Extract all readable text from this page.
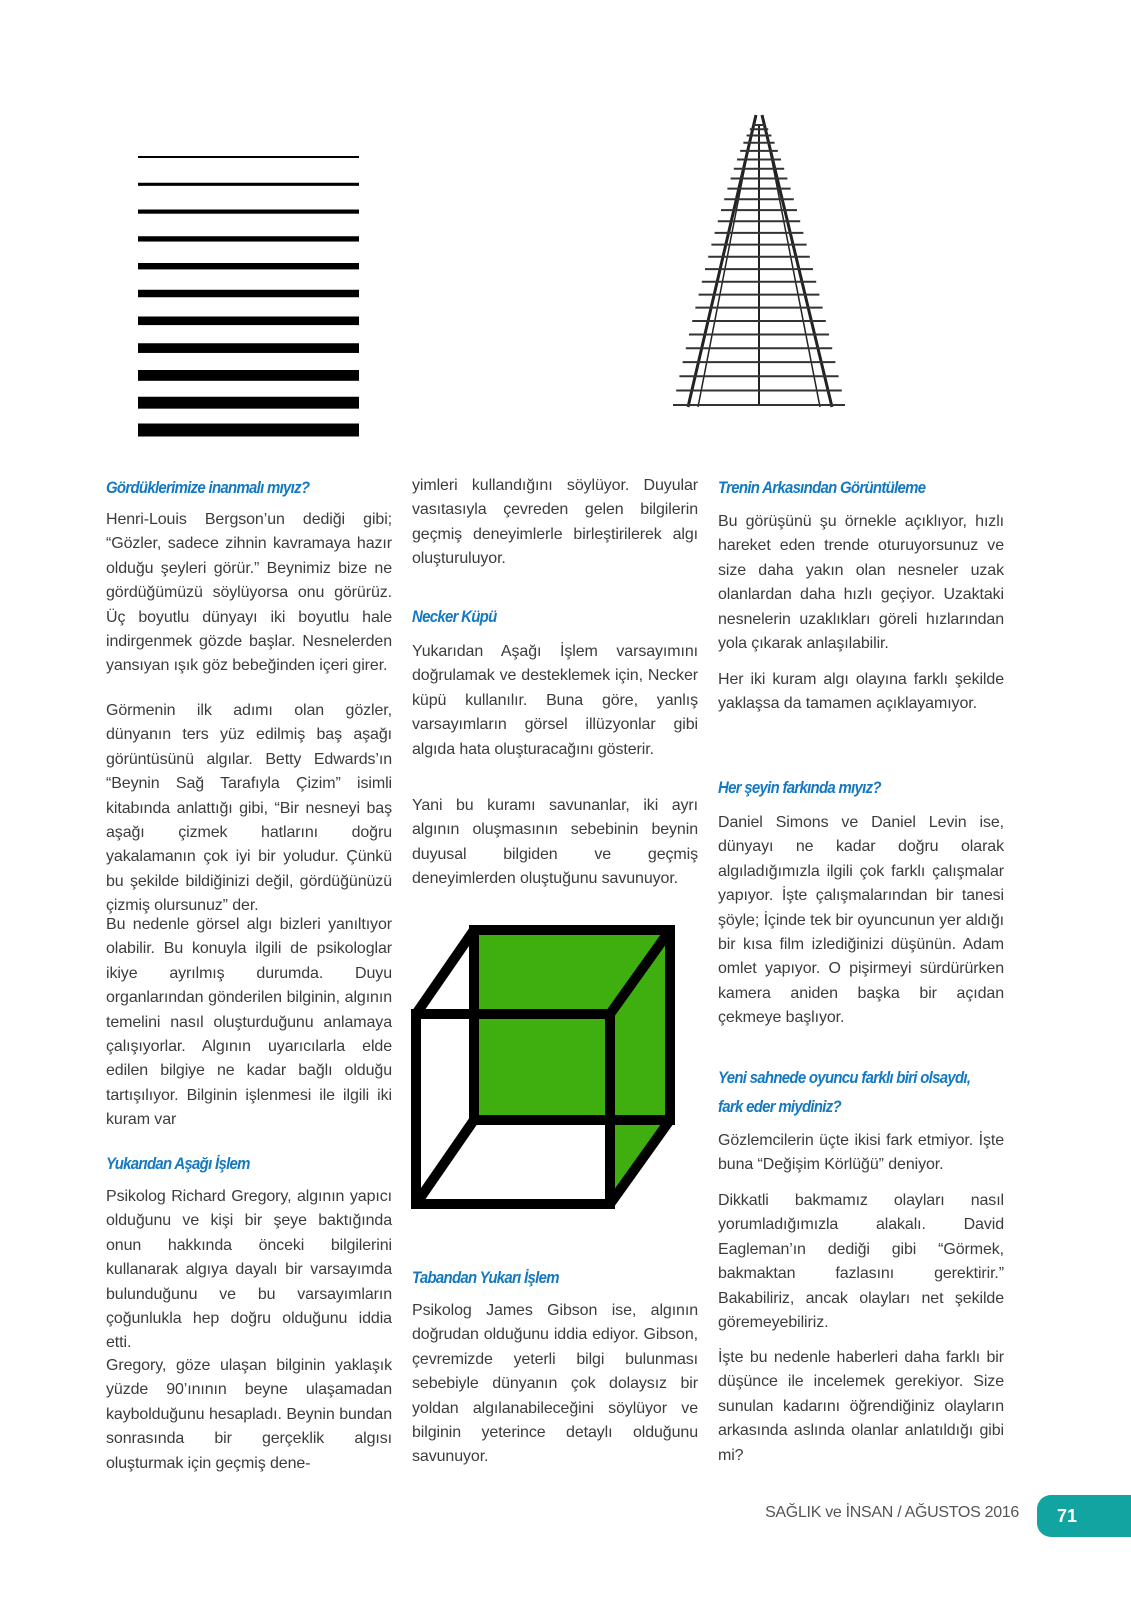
Gördüklerimize inanmalı mıyız?

Henri-Louis Bergson’un dediği gibi; “Gözler, sadece zihnin kavramaya hazır olduğu şeyleri görür.” Beynimiz bize ne gördüğümüzü söylüyorsa onu görürüz. Üç boyutlu dünyayı iki boyutlu hale indirgenmek gözde başlar. Nesnelerden yansıyan ışık göz bebeğinden içeri girer.

Görmenin ilk adımı olan gözler, dünyanın ters yüz edilmiş baş aşağı görüntüsünü algılar. Betty Edwards’ın “Beynin Sağ Tarafıyla Çizim” isimli kitabında anlattığı gibi, “Bir nesneyi baş aşağı çizmek hatlarını doğru yakalamanın çok iyi bir yoludur. Çünkü bu şekilde bildiğinizi değil, gördüğünüzü çizmiş olursunuz” der.

Bu nedenle görsel algı bizleri yanıltıyor olabilir. Bu konuyla ilgili de psikologlar ikiye ayrılmış durumda. Duyu organlarından gönderilen bilginin, algının temelini nasıl oluşturduğunu anlamaya çalışıyorlar. Algının uyarıcılarla elde edilen bilgiye ne kadar bağlı olduğu tartışılıyor. Bilginin işlenmesi ile ilgili iki kuram var

Yukarıdan Aşağı İşlem

Psikolog Richard Gregory, algının yapıcı olduğunu ve kişi bir şeye baktığında onun hakkında önceki bilgilerini kullanarak algıya dayalı bir varsayımda bulunduğunu ve bu varsayımların çoğunlukla hep doğru olduğunu iddia etti.

Gregory, göze ulaşan bilginin yaklaşık yüzde 90’ınının beyne ulaşamadan kaybolduğunu hesapladı. Beynin bundan sonrasında bir gerçeklik algısı oluşturmak için geçmiş dene-

yimleri kullandığını söylüyor. Duyular vasıtasıyla çevreden gelen bilgilerin geçmiş deneyimlerle birleştirilerek algı oluşturuluyor.

Necker Küpü

Yukarıdan Aşağı İşlem varsayımını doğrulamak ve desteklemek için, Necker küpü kullanılır. Buna göre, yanlış varsayımların görsel illüzyonlar gibi algıda hata oluşturacağını gösterir.

Yani bu kuramı savunanlar, iki ayrı algının oluşmasının sebebinin beynin duyusal bilgiden ve geçmiş deneyimlerden oluştuğunu savunuyor.

Tabandan Yukarı İşlem

Psikolog James Gibson ise, algının doğrudan olduğunu iddia ediyor. Gibson, çevremizde yeterli bilgi bulunması sebebiyle dünyanın çok dolaysız bir yoldan algılanabileceğini söylüyor ve bilginin yeterince detaylı olduğunu savunuyor.

Trenin Arkasından Görüntüleme

Bu görüşünü şu örnekle açıklıyor, hızlı hareket eden trende oturuyorsunuz ve size daha yakın olan nesneler uzak olanlardan daha hızlı geçiyor. Uzaktaki nesnelerin uzaklıkları göreli hızlarından yola çıkarak anlaşılabilir.

Her iki kuram algı olayına farklı şekilde yaklaşsa da tamamen açıklayamıyor.

Her şeyin farkında mıyız?

Daniel Simons ve Daniel Levin ise, dünyayı ne kadar doğru olarak algıladığımızla ilgili çok farklı çalışmalar yapıyor. İşte çalışmalarından bir tanesi şöyle; İçinde tek bir oyuncunun yer aldığı bir kısa film izlediğinizi düşünün. Adam omlet yapıyor. O pişirmeyi sürdürürken kamera aniden başka bir açıdan çekmeye başlıyor.

Yeni sahnede oyuncu farklı biri olsaydı,
fark eder miydiniz?

Gözlemcilerin üçte ikisi fark etmiyor. İşte buna “Değişim Körlüğü” deniyor.

Dikkatli bakmamız olayları nasıl yorumladığımızla alakalı. David Eagleman’ın dediği gibi “Görmek, bakmaktan fazlasını gerektirir.” Bakabiliriz, ancak olayları net şekilde göremeyebiliriz.

İşte bu nedenle haberleri daha farklı bir düşünce ile incelemek gerekiyor. Size sunulan kadarını öğrendiğiniz olayların arkasında aslında olanlar anlatıldığı gibi mi?

SAĞLIK ve İNSAN / AĞUSTOS 2016	71
